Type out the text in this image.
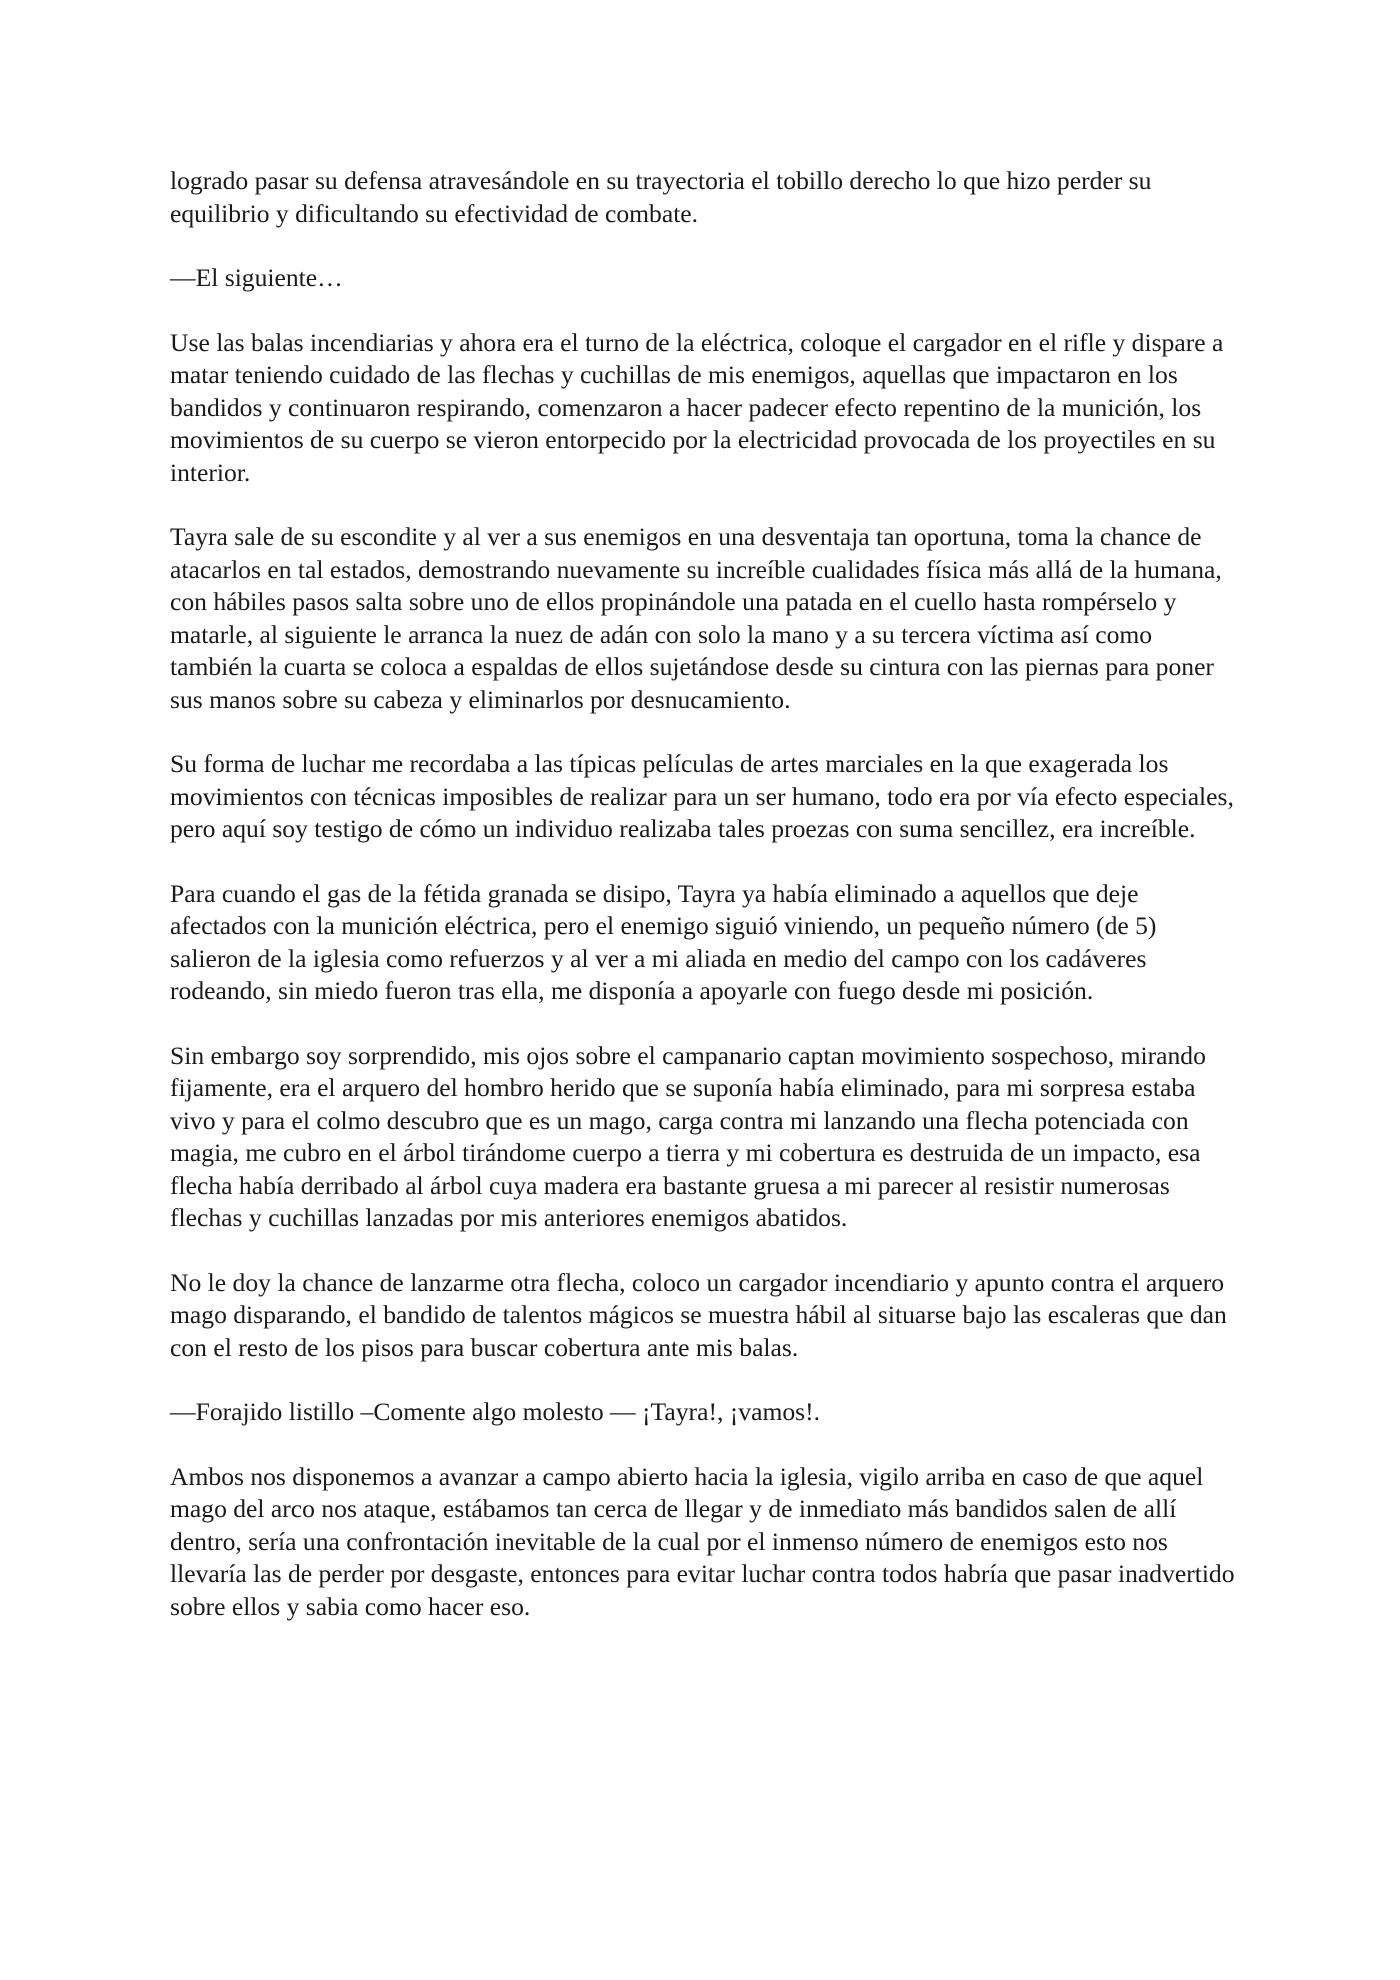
logrado pasar su defensa atravesándole en su trayectoria el tobillo derecho lo que hizo perder su equilibrio y dificultando su efectividad de combate.

—El siguiente…

Use las balas incendiarias y ahora era el turno de la eléctrica, coloque el cargador en el rifle y dispare a matar teniendo cuidado de las flechas y cuchillas de mis enemigos, aquellas que impactaron en los bandidos y continuaron respirando, comenzaron a hacer padecer efecto repentino de la munición, los movimientos de su cuerpo se vieron entorpecido por la electricidad provocada de los proyectiles en su interior.

Tayra sale de su escondite y al ver a sus enemigos en una desventaja tan oportuna, toma la chance de atacarlos en tal estados, demostrando nuevamente su increíble cualidades física más allá de la humana, con hábiles pasos salta sobre uno de ellos propinándole una patada en el cuello hasta rompérselo y matarle, al siguiente le arranca la nuez de adán con solo la mano y a su tercera víctima así como también la cuarta se coloca a espaldas de ellos sujetándose desde su cintura con las piernas para poner sus manos sobre su cabeza y eliminarlos por desnucamiento.

Su forma de luchar me recordaba a las típicas películas de artes marciales en la que exagerada los movimientos con técnicas imposibles de realizar para un ser humano, todo era por vía efecto especiales, pero aquí soy testigo de cómo un individuo realizaba tales proezas con suma sencillez, era increíble.

Para cuando el gas de la fétida granada se disipo, Tayra ya había eliminado a aquellos que deje afectados con la munición eléctrica, pero el enemigo siguió viniendo, un pequeño número (de 5) salieron de la iglesia como refuerzos y al ver a mi aliada en medio del campo con los cadáveres rodeando, sin miedo fueron tras ella, me disponía a apoyarle con fuego desde mi posición.

Sin embargo soy sorprendido, mis ojos sobre el campanario captan movimiento sospechoso, mirando fijamente, era el arquero del hombro herido que se suponía había eliminado, para mi sorpresa estaba vivo y para el colmo descubro que es un mago, carga contra mi lanzando una flecha potenciada con magia, me cubro en el árbol tirándome cuerpo a tierra y mi cobertura es destruida de un impacto, esa flecha había derribado al árbol cuya madera era bastante gruesa a mi parecer al resistir numerosas flechas y cuchillas lanzadas por mis anteriores enemigos abatidos.

No le doy la chance de lanzarme otra flecha, coloco un cargador incendiario y apunto contra el arquero mago disparando, el bandido de talentos mágicos se muestra hábil al situarse bajo las escaleras que dan con el resto de los pisos para buscar cobertura ante mis balas.

—Forajido listillo –Comente algo molesto — ¡Tayra!, ¡vamos!.

Ambos nos disponemos a avanzar a campo abierto hacia la iglesia, vigilo arriba en caso de que aquel mago del arco nos ataque, estábamos tan cerca de llegar y de inmediato más bandidos salen de allí dentro, sería una confrontación inevitable de la cual por el inmenso número de enemigos esto nos llevaría las de perder por desgaste, entonces para evitar luchar contra todos habría que pasar inadvertido sobre ellos y sabia como hacer eso.
